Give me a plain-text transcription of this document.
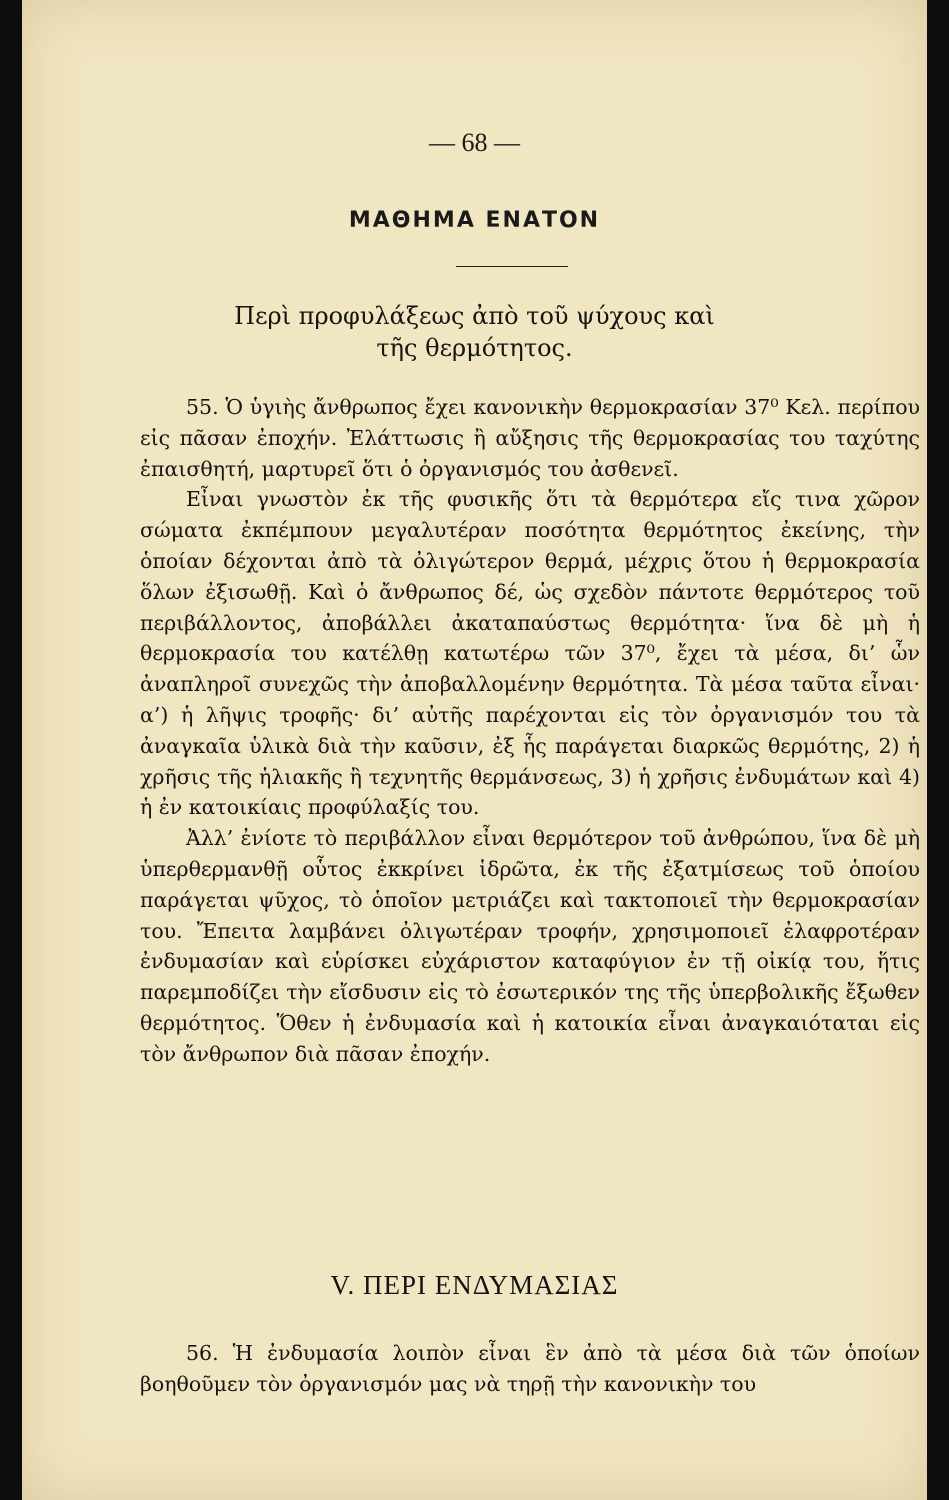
— 68 —
ΜΑΘΗΜΑ ΕΝΑΤΟΝ
Περὶ προφυλάξεως ἀπὸ τοῦ ψύχους καὶ
τῆς θερμότητος.

55. Ὁ ὑγιὴς ἄνθρωπος ἔχει κανονικὴν θερμοκρασίαν 37⁰ Κελ. περίπου εἰς πᾶσαν ἐποχήν. Ἐλάττωσις ἢ αὔξησις τῆς θερμοκρασίας του ταχύτης ἐπαισθητή, μαρτυρεῖ ὅτι ὁ ὀργανισμός του ἀσθενεῖ.

Εἶναι γνωστὸν ἐκ τῆς φυσικῆς ὅτι τὰ θερμότερα εἴς τινα χῶρον σώματα ἐκπέμπουν μεγαλυτέραν ποσότητα θερμότητος ἐκείνης, τὴν ὁποίαν δέχονται ἀπὸ τὰ ὀλιγώτερον θερμά, μέχρις ὅτου ἡ θερμοκρασία ὅλων ἐξισωθῇ. Καὶ ὁ ἄνθρωπος δέ, ὡς σχεδὸν πάντοτε θερμότερος τοῦ περιβάλλοντος, ἀποβάλλει ἀκαταπαύστως θερμότητα· ἵνα δὲ μὴ ἡ θερμοκρασία του κατέλθῃ κατωτέρω τῶν 37⁰, ἔχει τὰ μέσα, δι’ ὧν ἀναπληροῖ συνεχῶς τὴν ἀποβαλλομένην θερμότητα. Τὰ μέσα ταῦτα εἶναι· α’) ἡ λῆψις τροφῆς· δι’ αὐτῆς παρέχονται εἰς τὸν ὀργανισμόν του τὰ ἀναγκαῖα ὑλικὰ διὰ τὴν καῦσιν, ἐξ ἧς παράγεται διαρκῶς θερμότης, 2) ἡ χρῆσις τῆς ἡλιακῆς ἢ τεχνητῆς θερμάνσεως, 3) ἡ χρῆσις ἐνδυμάτων καὶ 4) ἡ ἐν κατοικίαις προφύλαξίς του.

Ἀλλ’ ἐνίοτε τὸ περιβάλλον εἶναι θερμότερον τοῦ ἀνθρώπου, ἵνα δὲ μὴ ὑπερθερμανθῇ οὗτος ἐκκρίνει ἱδρῶτα, ἐκ τῆς ἐξατμίσεως τοῦ ὁποίου παράγεται ψῦχος, τὸ ὁποῖον μετριάζει καὶ τακτοποιεῖ τὴν θερμοκρασίαν του. Ἔπειτα λαμβάνει ὀλιγωτέραν τροφήν, χρησιμοποιεῖ ἐλαφροτέραν ἐνδυμασίαν καὶ εὑρίσκει εὐχάριστον καταφύγιον ἐν τῇ οἰκίᾳ του, ἥτις παρεμποδίζει τὴν εἴσδυσιν εἰς τὸ ἐσωτερικόν της τῆς ὑπερβολικῆς ἔξωθεν θερμότητος. Ὅθεν ἡ ἐνδυμασία καὶ ἡ κατοικία εἶναι ἀναγκαιόταται εἰς τὸν ἄνθρωπον διὰ πᾶσαν ἐποχήν.

V. ΠΕΡΙ ΕΝΔΥΜΑΣΙΑΣ

56. Ἡ ἐνδυμασία λοιπὸν εἶναι ἓν ἀπὸ τὰ μέσα διὰ τῶν ὁποίων βοηθοῦμεν τὸν ὀργανισμόν μας νὰ τηρῇ τὴν κανονικὴν του
